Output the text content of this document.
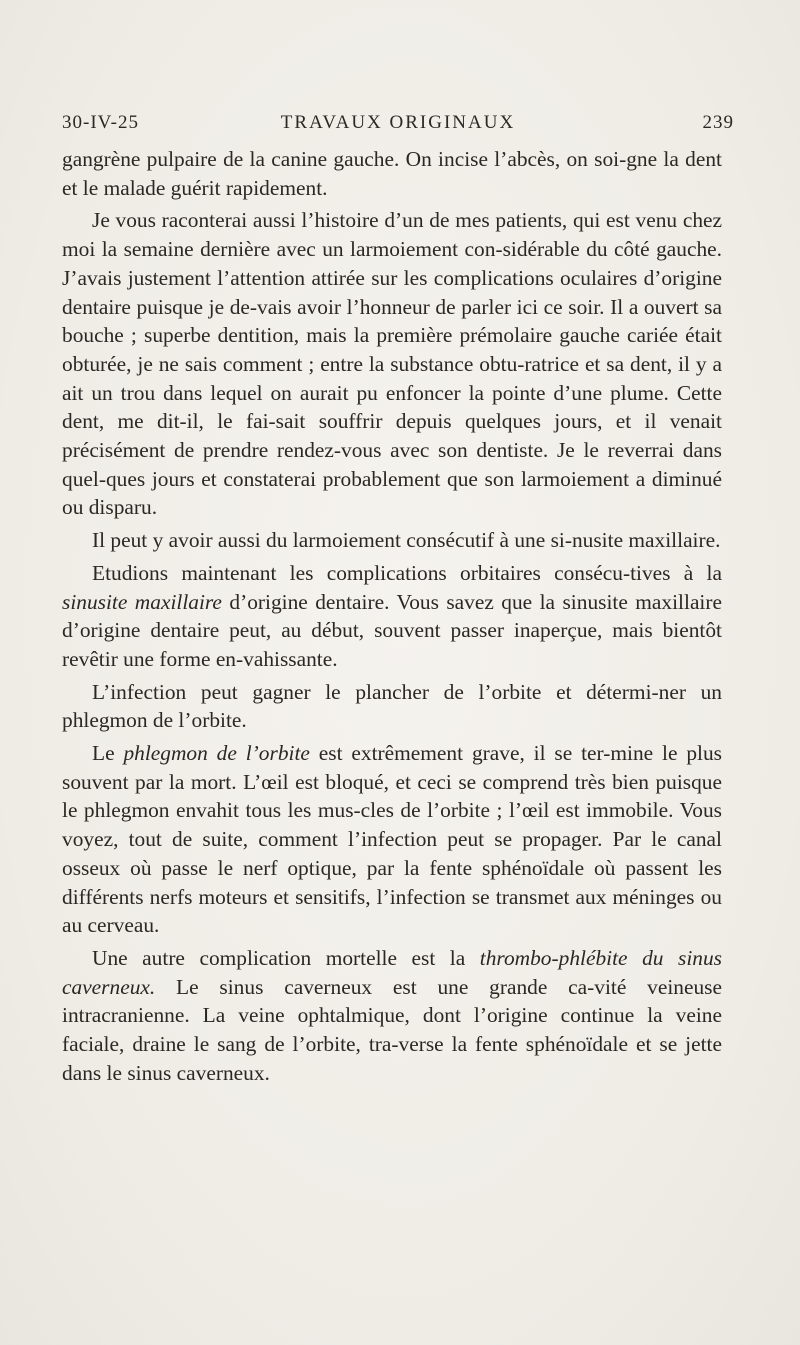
30-IV-25	TRAVAUX ORIGINAUX	239

gangrène pulpaire de la canine gauche. On incise l’abcès, on soi-gne la dent et le malade guérit rapidement.

Je vous raconterai aussi l’histoire d’un de mes patients, qui est venu chez moi la semaine dernière avec un larmoiement con-sidérable du côté gauche. J’avais justement l’attention attirée sur les complications oculaires d’origine dentaire puisque je de-vais avoir l’honneur de parler ici ce soir. Il a ouvert sa bouche ; superbe dentition, mais la première prémolaire gauche cariée était obturée, je ne sais comment ; entre la substance obtu-ratrice et sa dent, il y a ait un trou dans lequel on aurait pu enfoncer la pointe d’une plume. Cette dent, me dit-il, le fai-sait souffrir depuis quelques jours, et il venait précisément de prendre rendez-vous avec son dentiste. Je le reverrai dans quel-ques jours et constaterai probablement que son larmoiement a diminué ou disparu.

Il peut y avoir aussi du larmoiement consécutif à une si-nusite maxillaire.

Etudions maintenant les complications orbitaires consécu-tives à la sinusite maxillaire d’origine dentaire. Vous savez que la sinusite maxillaire d’origine dentaire peut, au début, souvent passer inaperçue, mais bientôt revêtir une forme en-vahissante.

L’infection peut gagner le plancher de l’orbite et détermi-ner un phlegmon de l’orbite.

Le phlegmon de l’orbite est extrêmement grave, il se ter-mine le plus souvent par la mort. L’œil est bloqué, et ceci se comprend très bien puisque le phlegmon envahit tous les mus-cles de l’orbite ; l’œil est immobile. Vous voyez, tout de suite, comment l’infection peut se propager. Par le canal osseux où passe le nerf optique, par la fente sphénoïdale où passent les différents nerfs moteurs et sensitifs, l’infection se transmet aux méninges ou au cerveau.

Une autre complication mortelle est la thrombo-phlébite du sinus caverneux. Le sinus caverneux est une grande ca-vité veineuse intracranienne. La veine ophtalmique, dont l’origine continue la veine faciale, draine le sang de l’orbite, tra-verse la fente sphénoïdale et se jette dans le sinus caverneux.
